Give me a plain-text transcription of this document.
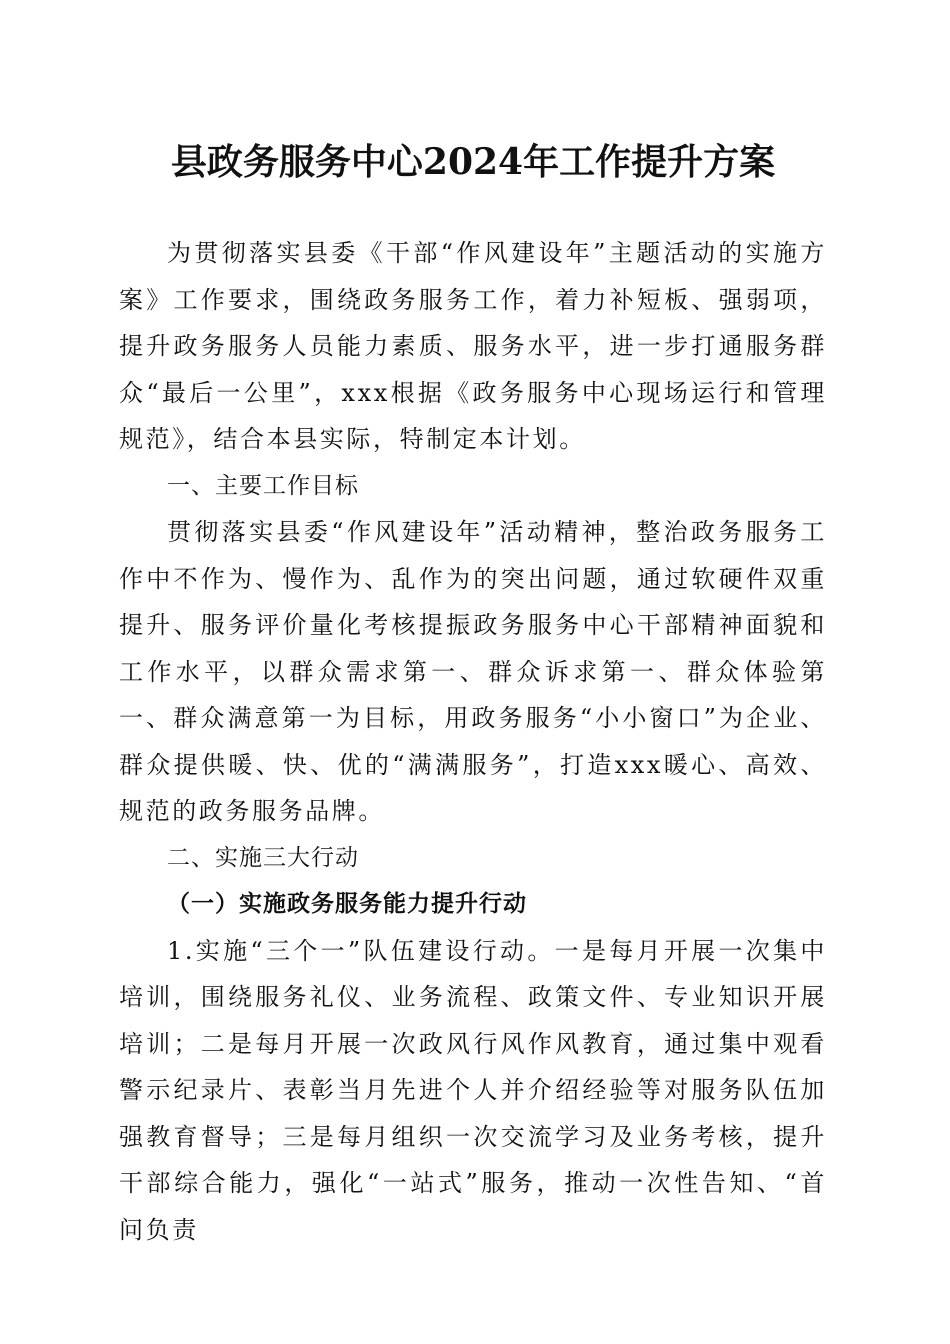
县政务服务中心2024年工作提升方案

为贯彻落实县委《干部“作风建设年”主题活动的实施方案》工作要求，围绕政务服务工作，着力补短板、强弱项，提升政务服务人员能力素质、服务水平，进一步打通服务群众“最后一公里”，xxx根据《政务服务中心现场运行和管理规范》，结合本县实际，特制定本计划。

一、主要工作目标

贯彻落实县委“作风建设年”活动精神，整治政务服务工作中不作为、慢作为、乱作为的突出问题，通过软硬件双重提升、服务评价量化考核提振政务服务中心干部精神面貌和工作水平，以群众需求第一、群众诉求第一、群众体验第一、群众满意第一为目标，用政务服务“小小窗口”为企业、群众提供暖、快、优的“满满服务”，打造xxx暖心、高效、规范的政务服务品牌。

二、实施三大行动

（一）实施政务服务能力提升行动

1.实施“三个一”队伍建设行动。一是每月开展一次集中培训，围绕服务礼仪、业务流程、政策文件、专业知识开展培训；二是每月开展一次政风行风作风教育，通过集中观看警示纪录片、表彰当月先进个人并介绍经验等对服务队伍加强教育督导；三是每月组织一次交流学习及业务考核，提升干部综合能力，强化“一站式”服务，推动一次性告知、“首问负责
